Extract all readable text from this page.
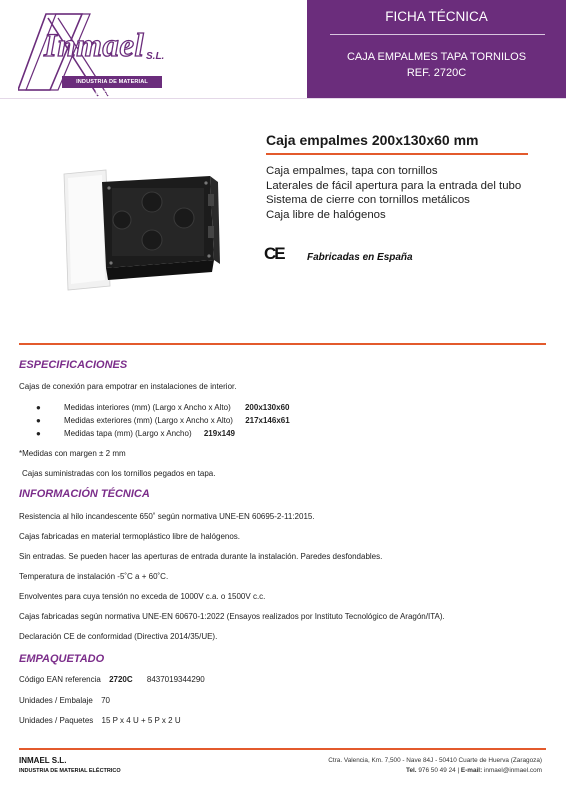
Inmael S.L.
INDUSTRIA DE MATERIAL ELÉCTRICO
FICHA TÉCNICA
CAJA EMPALMES TAPA TORNILOS
REF. 2720C
Caja empalmes 200x130x60 mm
Caja empalmes, tapa con tornillos
Laterales de fácil apertura para la entrada del tubo
Sistema de cierre con tornillos metálicos
Caja libre de halógenos
CE Fabricadas en España
ESPECIFICACIONES
Cajas de conexión para empotrar en instalaciones de interior.
●	Medidas interiores (mm) (Largo x Ancho x Alto) 200x130x60
●	Medidas exteriores (mm) (Largo x Ancho x Alto) 217x146x61
●	Medidas tapa (mm) (Largo x Ancho) 219x149
*Medidas con margen ± 2 mm
Cajas suministradas con los tornillos pegados en tapa.
INFORMACIÓN TÉCNICA
Resistencia al hilo incandescente 650˚ según normativa UNE-EN 60695-2-11:2015.
Cajas fabricadas en material termoplástico libre de halógenos.
Sin entradas. Se pueden hacer las aperturas de entrada durante la instalación. Paredes desfondables.
Temperatura de instalación -5˚C a + 60˚C.
Envolventes para cuya tensión no exceda de 1000V c.a. o 1500V c.c.
Cajas fabricadas según normativa UNE-EN 60670-1:2022 (Ensayos realizados por Instituto Tecnológico de Aragón/ITA).
Declaración CE de conformidad (Directiva 2014/35/UE).
EMPAQUETADO
Código EAN referencia 2720C 8437019344290
Unidades / Embalaje 70
Unidades / Paquetes 15 P x 4 U + 5 P x 2 U
INMAEL S.L.
INDUSTRIA DE MATERIAL ELÉCTRICO
Ctra. Valencia, Km. 7,500 - Nave 84J - 50410 Cuarte de Huerva (Zaragoza)
Tel. 976 50 49 24 | E-mail: inmael@inmael.com
